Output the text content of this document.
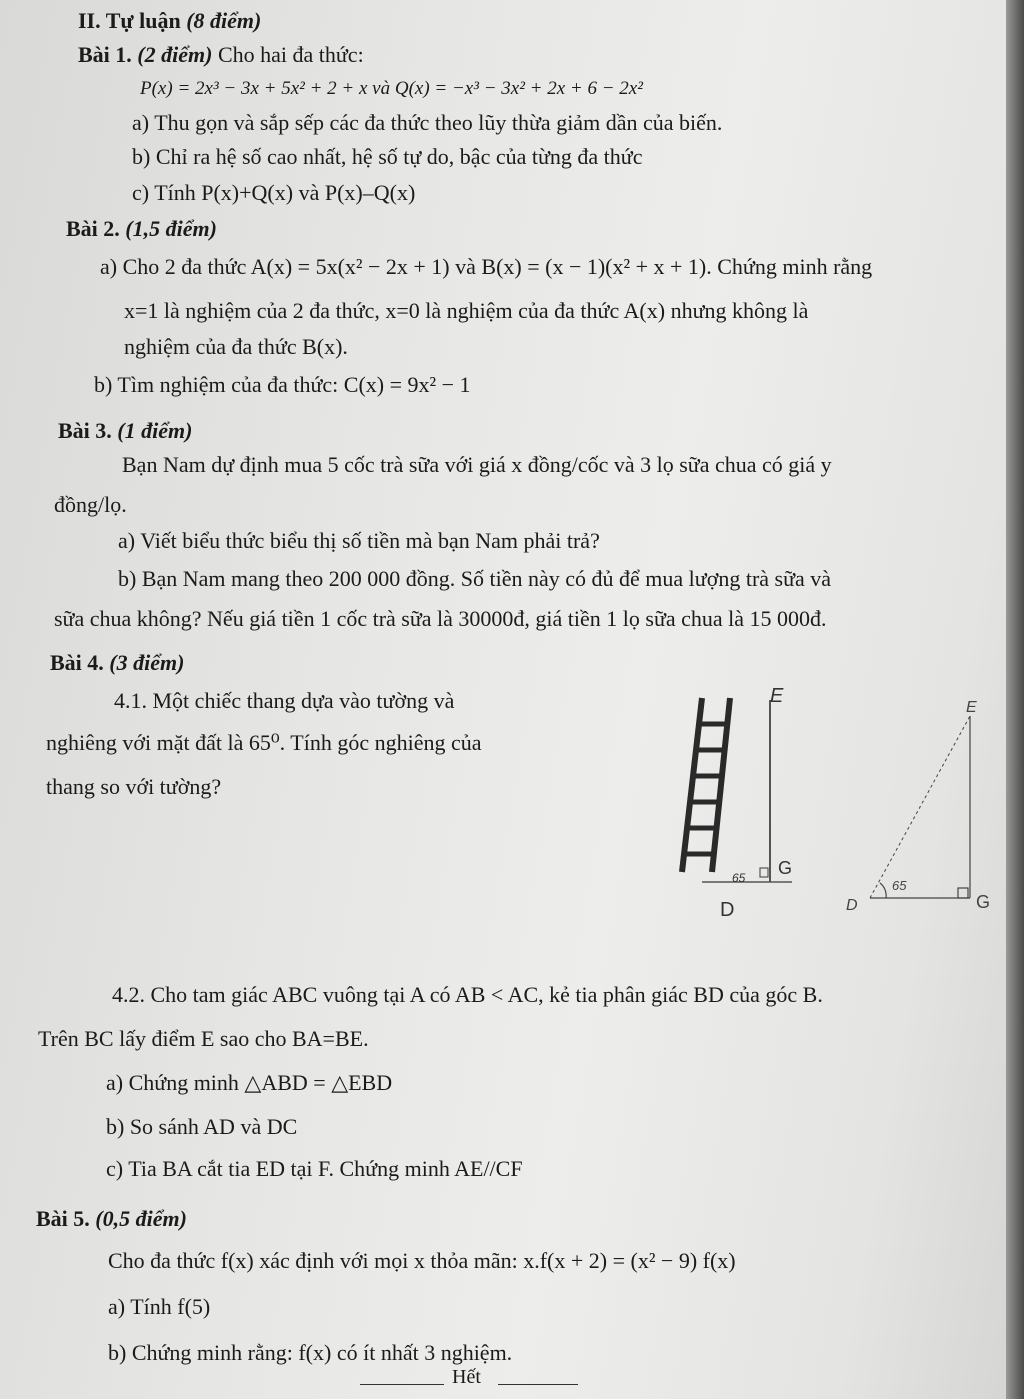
II. Tự luận (8 điểm)
Bài 1. (2 điểm) Cho hai đa thức:
P(x) = 2x³ − 3x + 5x² + 2 + x và Q(x) = −x³ − 3x² + 2x + 6 − 2x²
a) Thu gọn và sắp sếp các đa thức theo lũy thừa giảm dần của biến.
b) Chỉ ra hệ số cao nhất, hệ số tự do, bậc của từng đa thức
c) Tính P(x)+Q(x) và P(x)–Q(x)
Bài 2. (1,5 điểm)
a) Cho 2 đa thức A(x) = 5x(x² − 2x + 1) và B(x) = (x − 1)(x² + x + 1). Chứng minh rằng
x=1 là nghiệm của 2 đa thức, x=0 là nghiệm của đa thức A(x) nhưng không là
nghiệm của đa thức B(x).
b) Tìm nghiệm của đa thức: C(x) = 9x² − 1
Bài 3. (1 điểm)
Bạn Nam dự định mua 5 cốc trà sữa với giá x đồng/cốc và 3 lọ sữa chua có giá y
đồng/lọ.
a) Viết biểu thức biểu thị số tiền mà bạn Nam phải trả?
b) Bạn Nam mang theo 200 000 đồng. Số tiền này có đủ để mua lượng trà sữa và
sữa chua không? Nếu giá tiền 1 cốc trà sữa là 30000đ, giá tiền 1 lọ sữa chua là 15 000đ.
Bài 4. (3 điểm)
4.1. Một chiếc thang dựa vào tường và
nghiêng với mặt đất là 65⁰. Tính góc nghiêng của
thang so với tường?
E
G
65
D
E
G
D
65
4.2. Cho tam giác ABC vuông tại A có AB < AC, kẻ tia phân giác BD của góc B.
Trên BC lấy điểm E sao cho BA=BE.
a) Chứng minh △ABD = △EBD
b) So sánh AD và DC
c) Tia BA cắt tia ED tại F. Chứng minh AE//CF
Bài 5. (0,5 điểm)
Cho đa thức f(x) xác định với mọi x thỏa mãn: x.f(x + 2) = (x² − 9) f(x)
a) Tính f(5)
b) Chứng minh rằng: f(x) có ít nhất 3 nghiệm.
Hết
